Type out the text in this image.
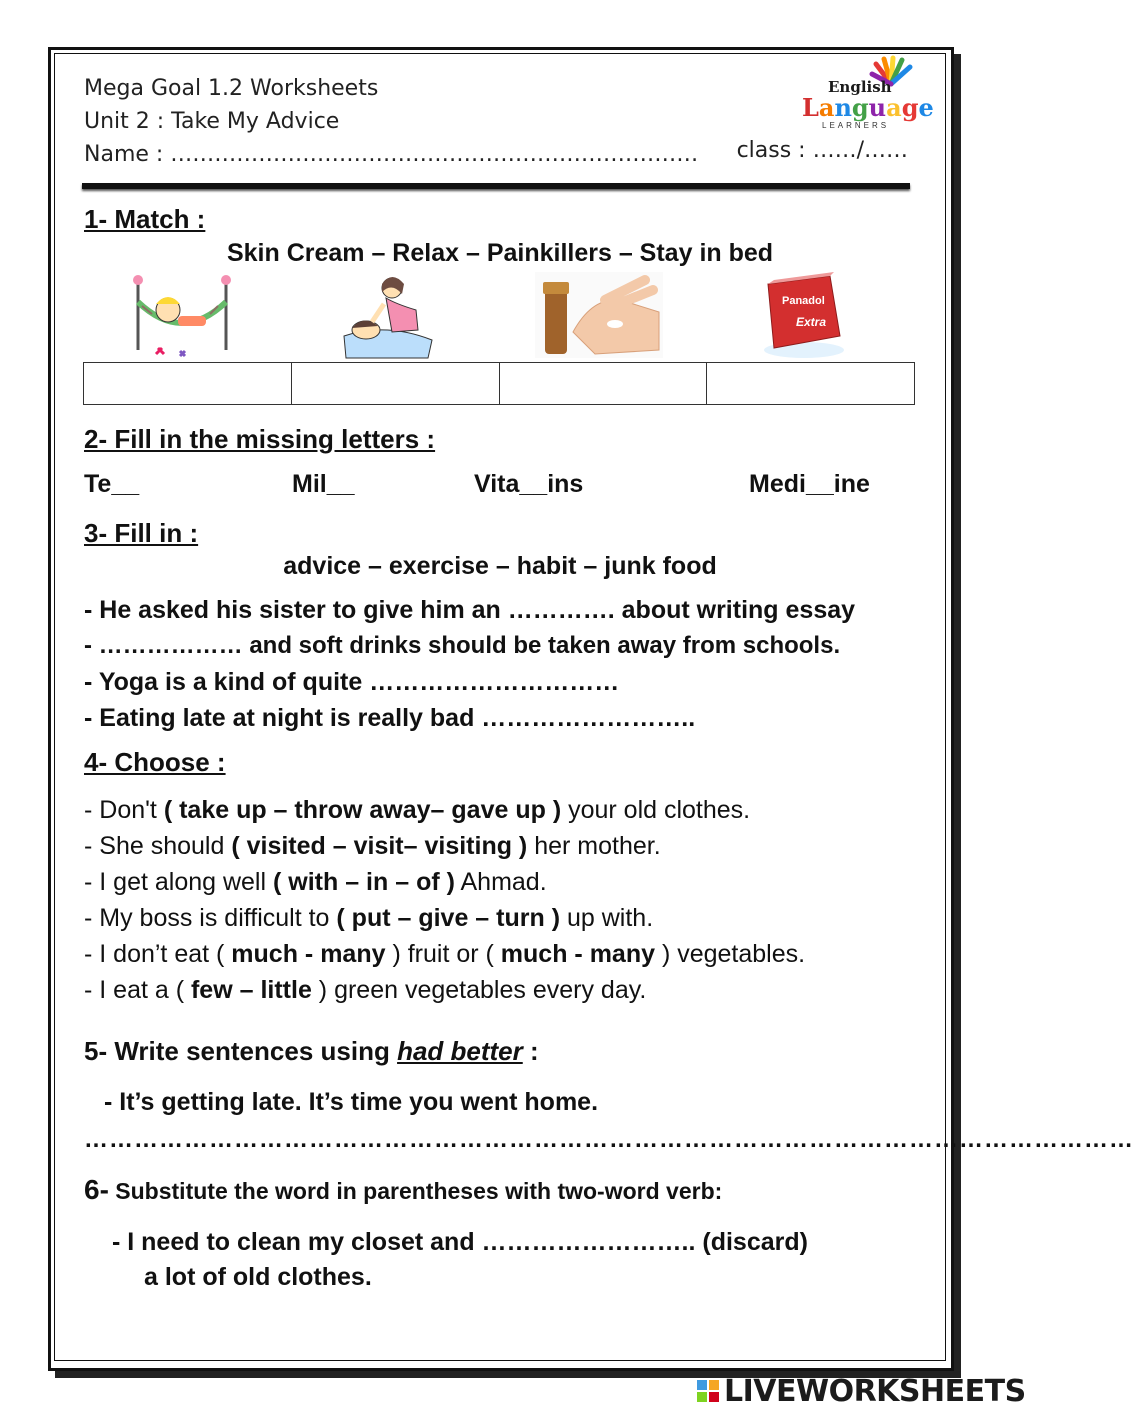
Mega Goal 1.2 Worksheets
Unit 2 : Take My Advice
Name : ……………………………………………………………… class : ……/……
English
Language
LEARNERS
1- Match :
Skin Cream – Relax – Painkillers – Stay in bed
Panadol
Extra
2- Fill in the missing letters :
Te__	Mil__	Vita__ins	Medi__ine
3- Fill in :
advice – exercise – habit – junk food
- He asked his sister to give him an …………. about writing essay
- ……………… and soft drinks should be taken away from schools.
- Yoga is a kind of quite …………………………
- Eating late at night is really bad ……………………..
4- Choose :
- Don't ( take up – throw away– gave up ) your old clothes.
- She should ( visited – visit– visiting ) her mother.
- I get along well ( with – in – of ) Ahmad.
- My boss is difficult to ( put – give – turn ) up with.
- I don’t eat ( much - many ) fruit or ( much - many ) vegetables.
- I eat a ( few – little ) green vegetables every day.
5- Write sentences using had better :
- It’s getting late. It’s time you went home.
………………………………………………………………………………………………………………
6- Substitute the word in parentheses with two-word verb:
- I need to clean my closet and …………………….. (discard)
a lot of old clothes.
LIVEWORKSHEETS
